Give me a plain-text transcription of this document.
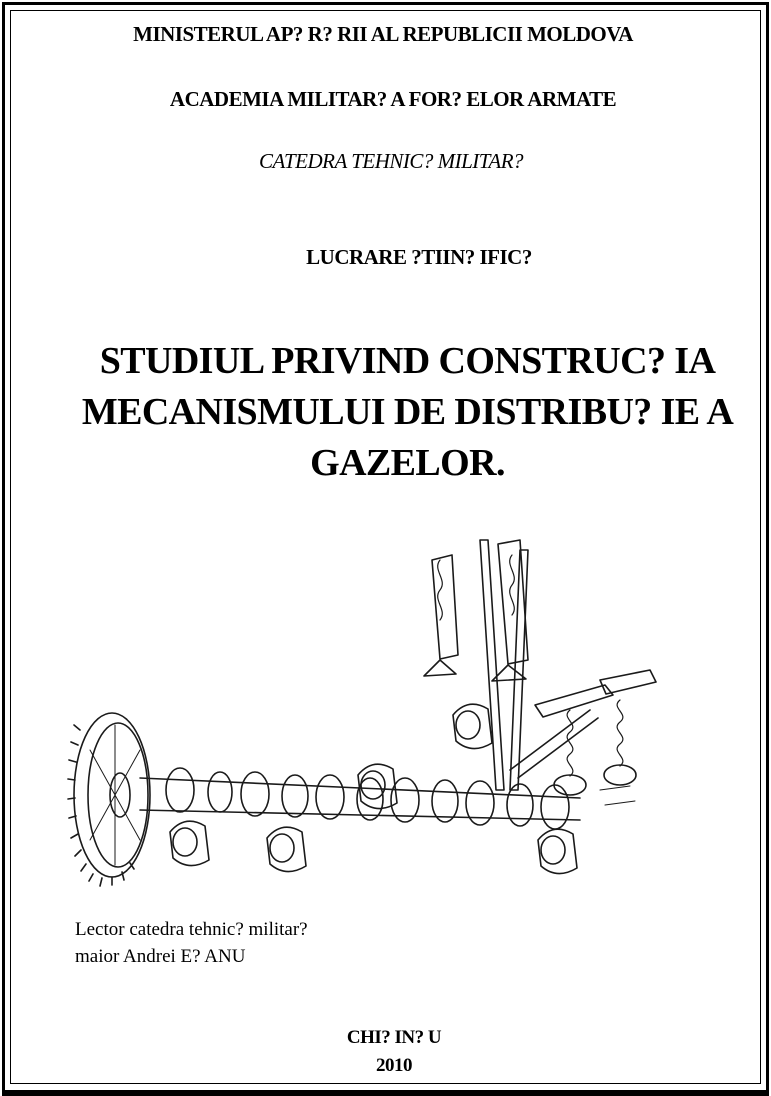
MINISTERUL AP? R? RII AL REPUBLICII MOLDOVA
ACADEMIA MILITAR? A FOR? ELOR ARMATE
CATEDRA TEHNIC? MILITAR?
LUCRARE ?TIIN? IFIC?
STUDIUL PRIVIND CONSTRUC? IA
MECANISMULUI DE DISTRIBU? IE A
GAZELOR.
Lector catedra tehnic? militar?
maior Andrei E? ANU
CHI? IN? U
2010
